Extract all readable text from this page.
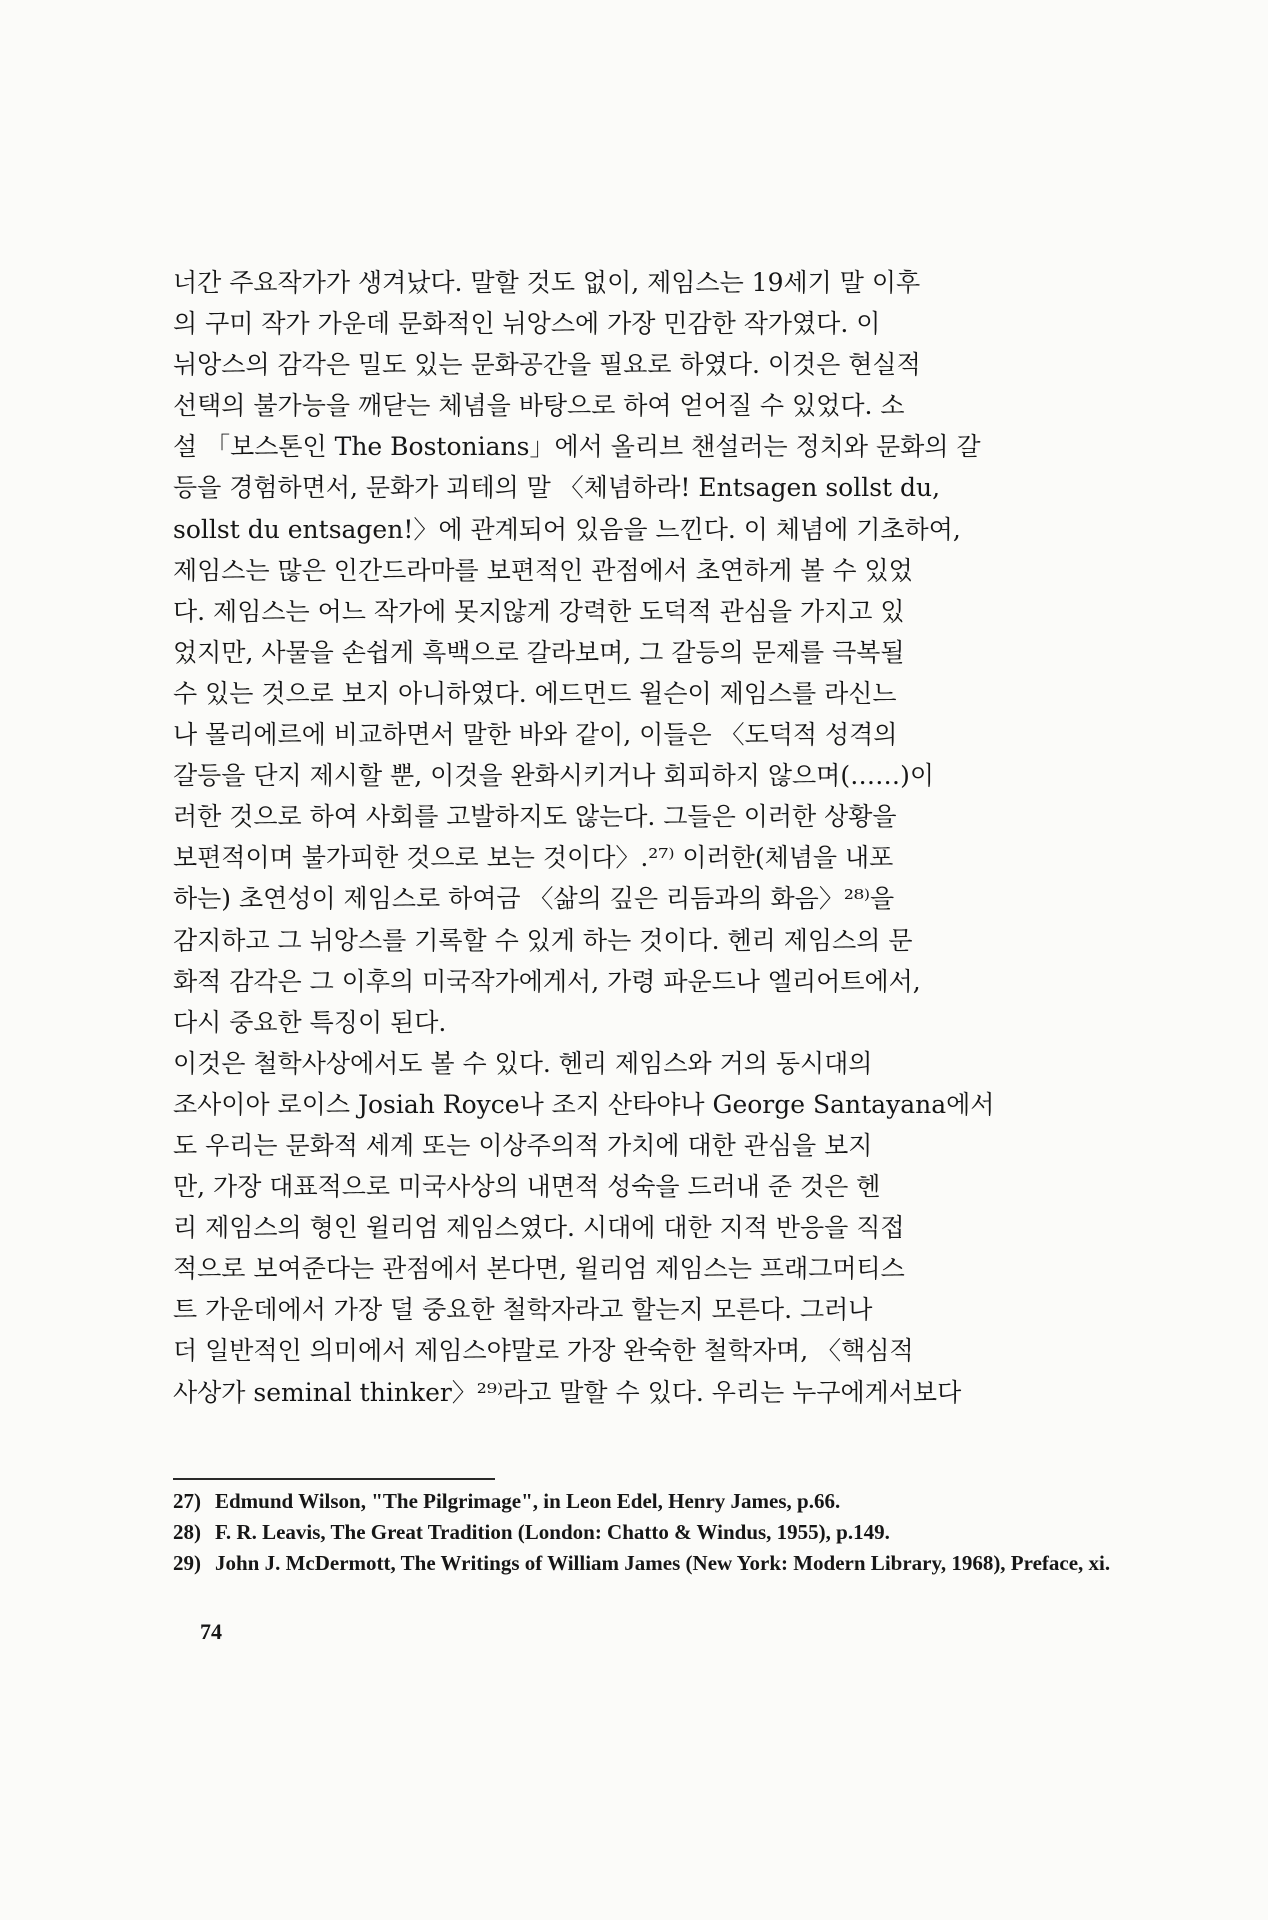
너간 주요작가가 생겨났다. 말할 것도 없이, 제임스는 19세기 말 이후
의 구미 작가 가운데 문화적인 뉘앙스에 가장 민감한 작가였다. 이
뉘앙스의 감각은 밀도 있는 문화공간을 필요로 하였다. 이것은 현실적
선택의 불가능을 깨닫는 체념을 바탕으로 하여 얻어질 수 있었다. 소
설 「보스톤인 The Bostonians」에서 올리브 챈설러는 정치와 문화의 갈
등을 경험하면서, 문화가 괴테의 말 〈체념하라! Entsagen sollst du,
sollst du entsagen!〉에 관계되어 있음을 느낀다. 이 체념에 기초하여,
제임스는 많은 인간드라마를 보편적인 관점에서 초연하게 볼 수 있었
다. 제임스는 어느 작가에 못지않게 강력한 도덕적 관심을 가지고 있
었지만, 사물을 손쉽게 흑백으로 갈라보며, 그 갈등의 문제를 극복될
수 있는 것으로 보지 아니하였다. 에드먼드 윌슨이 제임스를 라신느
나 몰리에르에 비교하면서 말한 바와 같이, 이들은 〈도덕적 성격의
갈등을 단지 제시할 뿐, 이것을 완화시키거나 회피하지 않으며(……)이
러한 것으로 하여 사회를 고발하지도 않는다. 그들은 이러한 상황을
보편적이며 불가피한 것으로 보는 것이다〉.²⁷⁾ 이러한(체념을 내포
하는) 초연성이 제임스로 하여금 〈삶의 깊은 리듬과의 화음〉²⁸⁾을
감지하고 그 뉘앙스를 기록할 수 있게 하는 것이다. 헨리 제임스의 문
화적 감각은 그 이후의 미국작가에게서, 가령 파운드나 엘리어트에서,
다시 중요한 특징이 된다.

이것은 철학사상에서도 볼 수 있다. 헨리 제임스와 거의 동시대의
조사이아 로이스 Josiah Royce나 조지 산타야나 George Santayana에서
도 우리는 문화적 세계 또는 이상주의적 가치에 대한 관심을 보지
만, 가장 대표적으로 미국사상의 내면적 성숙을 드러내 준 것은 헨
리 제임스의 형인 윌리엄 제임스였다. 시대에 대한 지적 반응을 직접
적으로 보여준다는 관점에서 본다면, 윌리엄 제임스는 프래그머티스
트 가운데에서 가장 덜 중요한 철학자라고 할는지 모른다. 그러나
더 일반적인 의미에서 제임스야말로 가장 완숙한 철학자며, 〈핵심적
사상가 seminal thinker〉²⁹⁾라고 말할 수 있다. 우리는 누구에게서보다

27) Edmund Wilson, "The Pilgrimage", in Leon Edel, Henry James, p.66.

28) F. R. Leavis, The Great Tradition (London: Chatto & Windus, 1955), p.149.

29) John J. McDermott, The Writings of William James (New York: Modern Library, 1968), Preface, xi.

74
